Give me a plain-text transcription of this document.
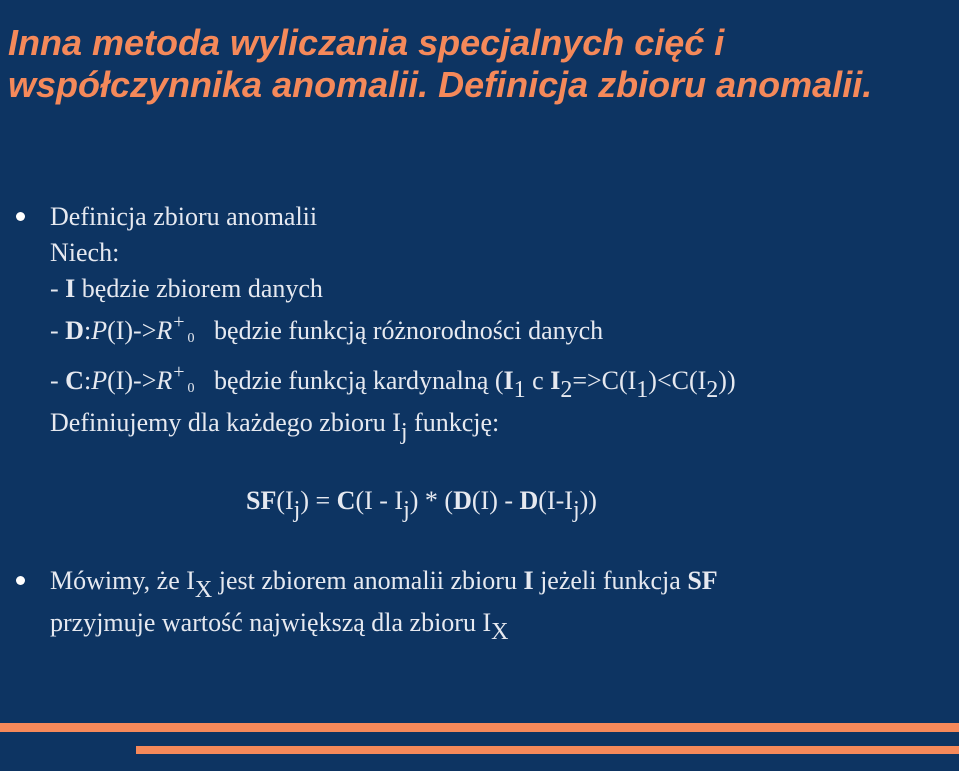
Inna metoda wyliczania specjalnych cięć i współczynnika anomalii. Definicja zbioru anomalii.
Definicja zbioru anomalii
Niech:
- I będzie zbiorem danych
- D:P(I)->R+0 będzie funkcją różnorodności danych
- C:P(I)->R+0 będzie funkcją kardynalną (I1 c I2=>C(I1)<C(I2))
Definiujemy dla każdego zbioru Ij funkcję:
SF(Ij) = C(I - Ij) * (D(I) - D(I-Ij))
Mówimy, że IX jest zbiorem anomalii zbioru I jeżeli funkcja SF
przyjmuje wartość największą dla zbioru IX
